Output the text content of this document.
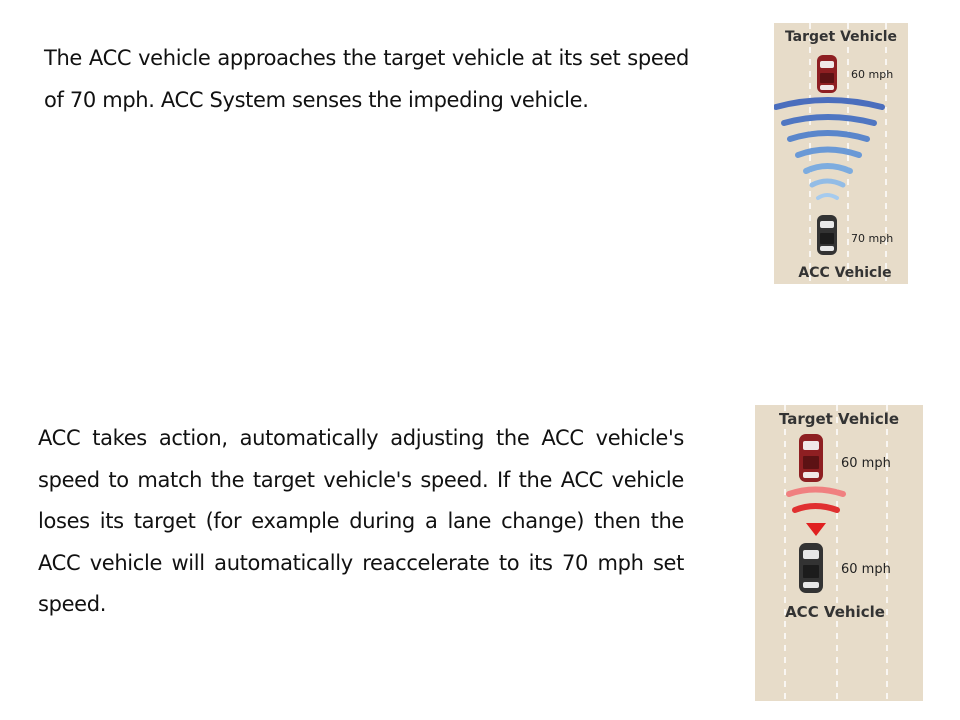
The ACC vehicle approaches the target vehicle at its set speed of 70 mph. ACC System senses the impeding vehicle.

Target Vehicle
60 mph
70 mph
ACC Vehicle

ACC takes action, automatically adjusting the ACC vehicle's speed to match the target vehicle's speed. If the ACC vehicle loses its target (for example during a lane change) then the ACC vehicle will automatically reaccelerate to its 70 mph set speed.

Target Vehicle
60 mph
60 mph
ACC Vehicle
